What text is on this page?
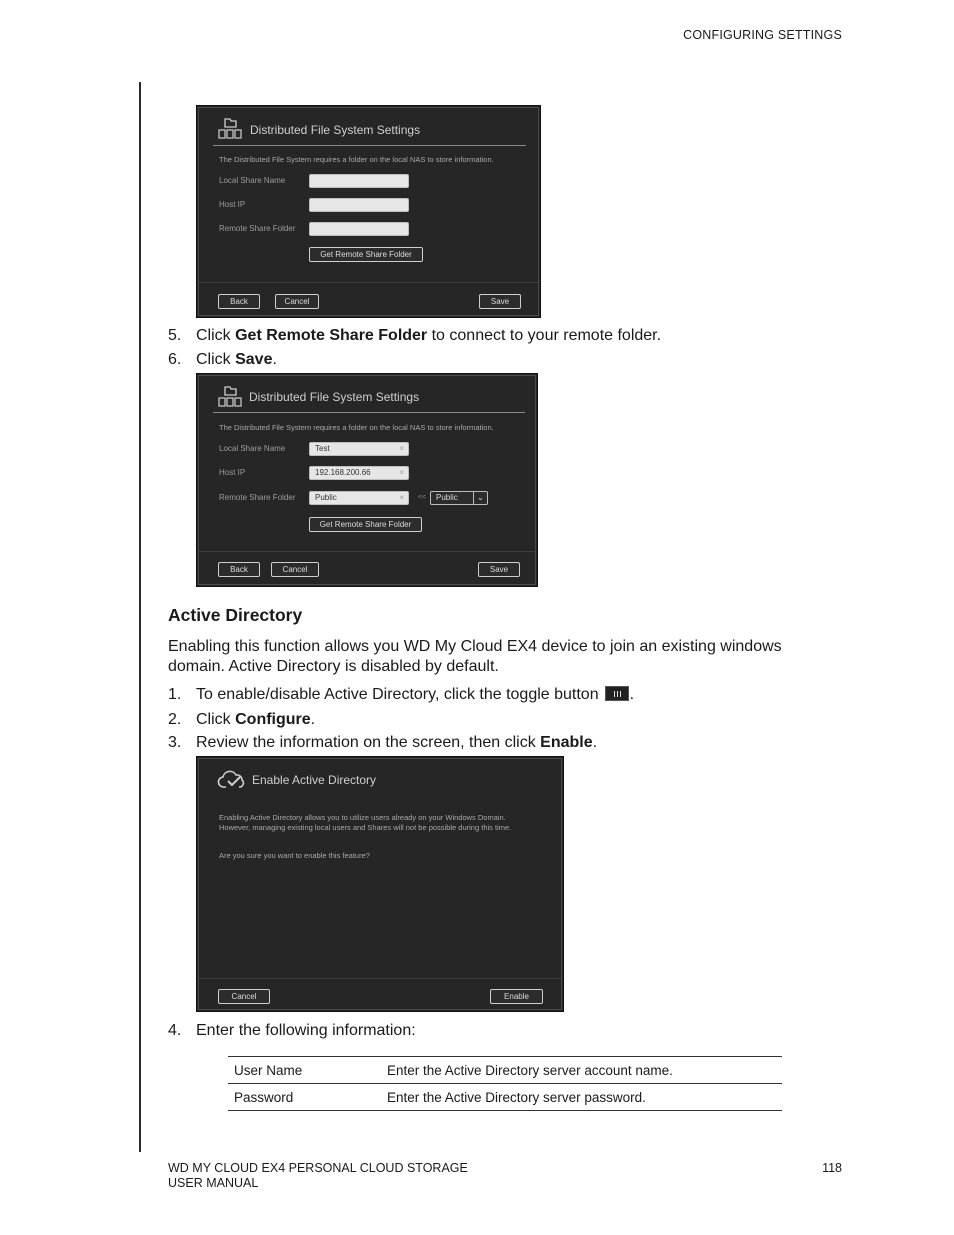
CONFIGURING SETTINGS
Distributed File System Settings
The Distributed File System requires a folder on the local NAS to store information.
Local Share Name
Host IP
Remote Share Folder
Get Remote Share Folder
Back	Cancel	Save
5. Click Get Remote Share Folder to connect to your remote folder.
6. Click Save.
Distributed File System Settings
The Distributed File System requires a folder on the local NAS to store information.
Local Share Name	Test	×
Host IP	192.168.200.66	×
Remote Share Folder	Public	× <<	Public	⌄
Get Remote Share Folder
Back	Cancel	Save
Active Directory
Enabling this function allows you WD My Cloud EX4 device to join an existing windows
domain. Active Directory is disabled by default.
1. To enable/disable Active Directory, click the toggle button .
2. Click Configure.
3. Review the information on the screen, then click Enable.
Enable Active Directory
Enabling Active Directory allows you to utilize users already on your Windows Domain.
However, managing existing local users and Shares will not be possible during this time.
Are you sure you want to enable this feature?
Cancel	Enable
4. Enter the following information:
User Name	Enter the Active Directory server account name.
Password	Enter the Active Directory server password.
WD MY CLOUD EX4 PERSONAL CLOUD STORAGE
USER MANUAL
118
